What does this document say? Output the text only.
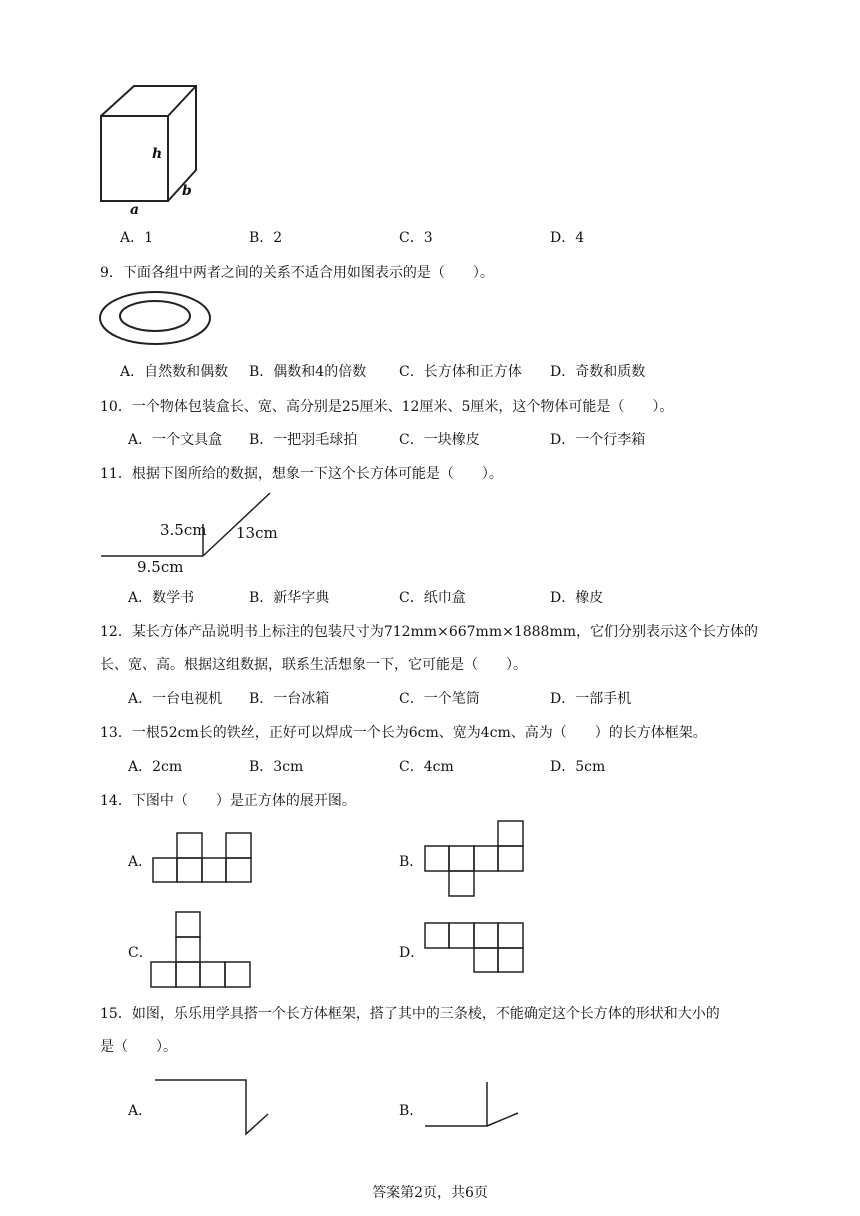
h
b
a
A．1	B．2	C．3	D．4
9．下面各组中两者之间的关系不适合用如图表示的是（　　）。
A．自然数和偶数 B．偶数和4的倍数 C．长方体和正方体 D．奇数和质数
10．一个物体包装盒长、宽、高分别是25厘米、12厘米、5厘米，这个物体可能是（　　）。
A．一个文具盒 B．一把羽毛球拍	C．一块橡皮	D．一个行李箱
11．根据下图所给的数据，想象一下这个长方体可能是（　　）。
3.5cm 13cm
9.5cm
A．数学书	B．新华字典	C．纸巾盒	D．橡皮
12．某长方体产品说明书上标注的包装尺寸为712mm×667mm×1888mm，它们分别表示这个长方体的
长、宽、高。根据这组数据，联系生活想象一下，它可能是（　　）。
A．一台电视机 B．一台冰箱	C．一个笔筒	D．一部手机
13．一根52cm长的铁丝，正好可以焊成一个长为6cm、宽为4cm、高为（　　）的长方体框架。
A．2cm	B．3cm	C．4cm	D．5cm
14．下图中（　　）是正方体的展开图。
A．	B．
C．	D．
15．如图，乐乐用学具搭一个长方体框架，搭了其中的三条棱，不能确定这个长方体的形状和大小的
是（　　）。
A．	B．
答案第2页，共6页
